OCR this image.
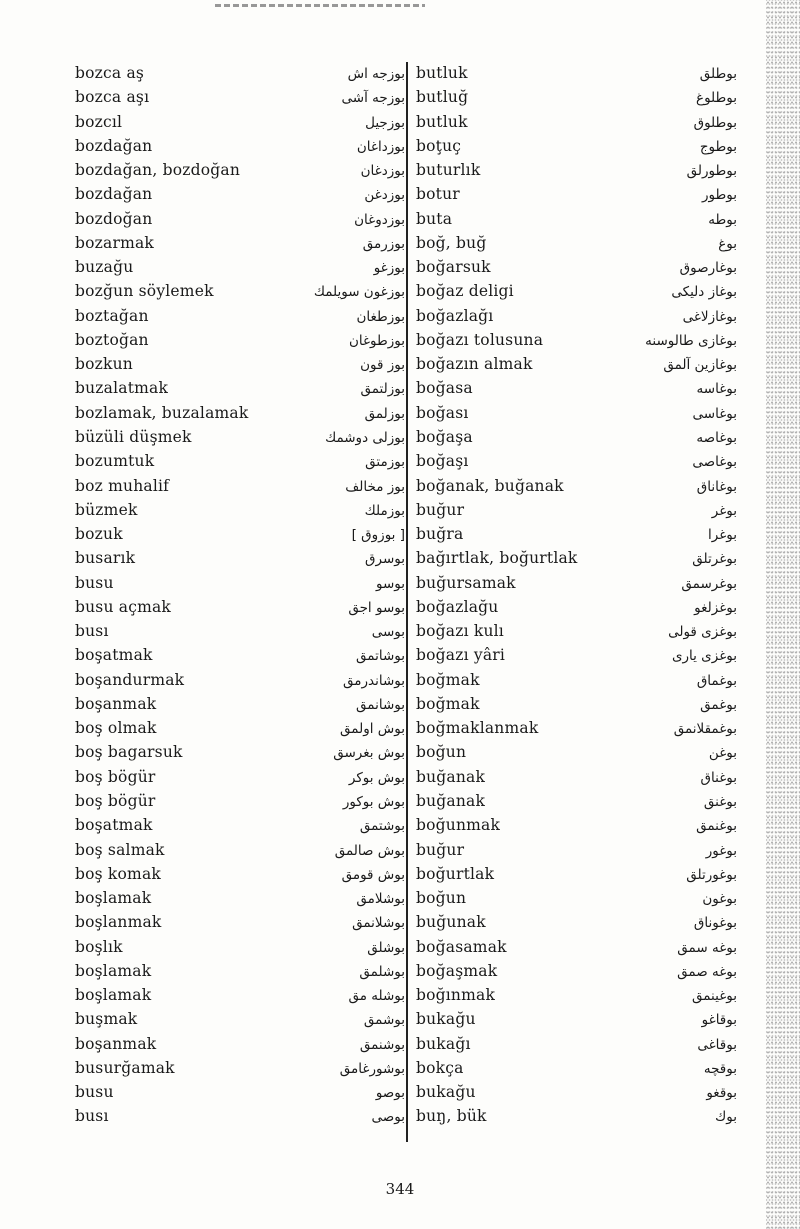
bozca aş	بوزجه اش
bozca aşı	بوزجه آشی
bozcıl	بوزجیل
bozdağan	بوزداغان
bozdağan, bozdoğan	بوزدغان
bozdağan	بوزدغن
bozdoğan	بوزدوغان
bozarmak	بوزرمق
buzağu	بوزغو
bozğun söylemek	بوزغون سویلمك
boztağan	بوزطغان
boztoğan	بوزطوغان
bozkun	بوز قون
buzalatmak	بوزلتمق
bozlamak, buzalamak	بوزلمق
büzüli düşmek	بوزلی دوشمك
bozumtuk	بوزمتق
boz muhalif	بوز مخالف
büzmek	بوزملك
bozuk	[ بوزوق ]
busarık	بوسرق
busu	بوسو
busu açmak	بوسو اجق
busı	بوسی
boşatmak	بوشاتمق
boşandurmak	بوشاندرمق
boşanmak	بوشانمق
boş olmak	بوش اولمق
boş bagarsuk	بوش بغرسق
boş bögür	بوش بوكر
boş bögür	بوش بوكور
boşatmak	بوشتمق
boş salmak	بوش صالمق
boş komak	بوش قومق
boşlamak	بوشلامق
boşlanmak	بوشلانمق
boşlık	بوشلق
boşlamak	بوشلمق
boşlamak	بوشله مق
buşmak	بوشمق
boşanmak	بوشنمق
busurğamak	بوشورغامق
busu	بوصو
busı	بوصی
butluk	بوطلق
butluğ	بوطلوغ
butluk	بوطلوق
boţuç	بوطوج
buturlık	بوطورلق
botur	بوطور
buta	بوطه
boğ, buğ	بوغ
boğarsuk	بوغارصوق
boğaz deligi	بوغاز دلیكی
boğazlağı	بوغازلاغی
boğazı tolusuna	بوغازی طالوسنه
boğazın almak	بوغازین آلمق
boğasa	بوغاسه
boğası	بوغاسی
boğaşa	بوغاصه
boğaşı	بوغاصی
boğanak, buğanak	بوغاناق
buğur	بوغر
buğra	بوغرا
bağırtlak, boğurtlak	بوغرتلق
buğursamak	بوغرسمق
boğazlağu	بوغزلغو
boğazı kulı	بوغزی قولی
boğazı yâri	بوغزی یاری
boğmak	بوغماق
boğmak	بوغمق
boğmaklanmak	بوغمقلانمق
boğun	بوغن
buğanak	بوغناق
buğanak	بوغنق
boğunmak	بوغنمق
buğur	بوغور
boğurtlak	بوغورتلق
boğun	بوغون
buğunak	بوغوناق
boğasamak	بوغه سمق
boğaşmak	بوغه صمق
boğınmak	بوغینمق
bukağu	بوقاغو
bukağı	بوقاغی
bokça	بوقچه
bukağu	بوقغو
buŋ, bük	بوك
344
